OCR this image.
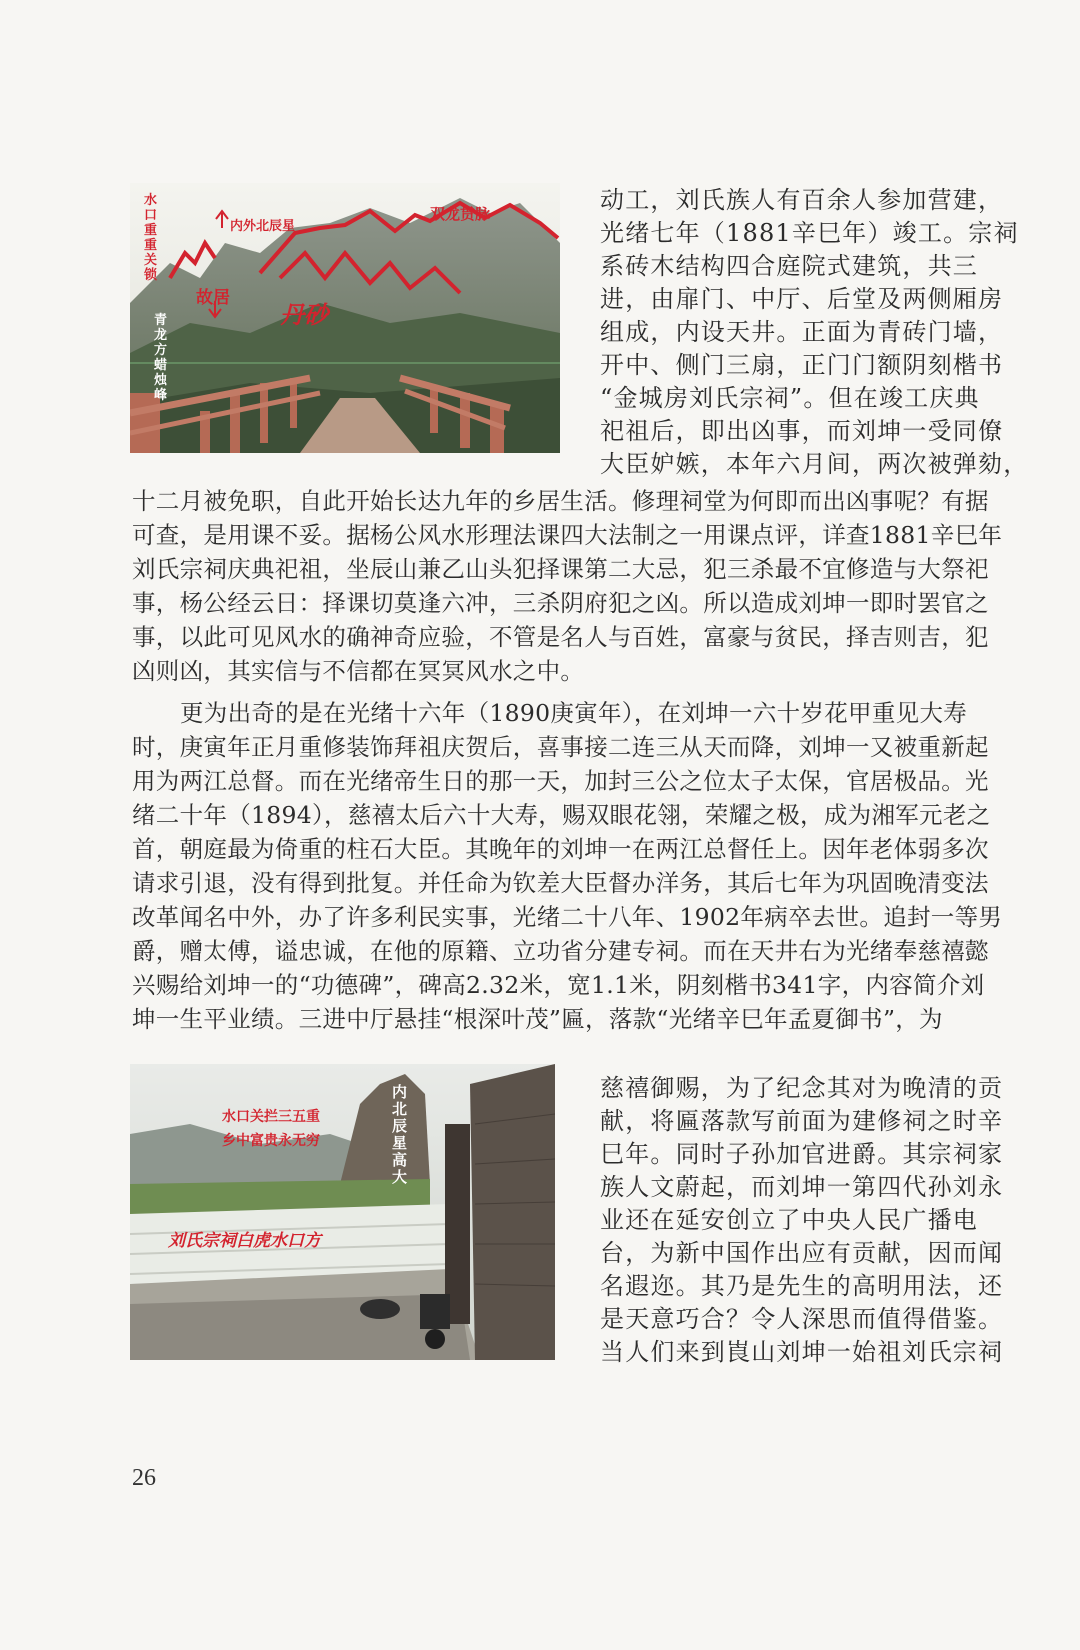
水口重重关锁
内外北辰星
双龙贯脉
故居
丹砂
青龙方蜡烛峰

动工，刘氏族人有百余人参加营建，

光绪七年（1881辛巳年）竣工。宗祠

系砖木结构四合庭院式建筑，共三

进，由扉门、中厅、后堂及两侧厢房

组成，内设天井。正面为青砖门墙，

开中、侧门三扇，正门门额阴刻楷书

“金城房刘氏宗祠”。但在竣工庆典

祀祖后，即出凶事，而刘坤一受同僚

大臣妒嫉，本年六月间，两次被弹劾，

十二月被免职，自此开始长达九年的乡居生活。修理祠堂为何即而出凶事呢？有据

可查，是用课不妥。据杨公风水形理法课四大法制之一用课点评，详查1881辛巳年

刘氏宗祠庆典祀祖，坐辰山兼乙山头犯择课第二大忌，犯三杀最不宜修造与大祭祀

事，杨公经云日：择课切莫逢六冲，三杀阴府犯之凶。所以造成刘坤一即时罢官之

事，以此可见风水的确神奇应验，不管是名人与百姓，富豪与贫民，择吉则吉，犯

凶则凶，其实信与不信都在冥冥风水之中。

更为出奇的是在光绪十六年（1890庚寅年），在刘坤一六十岁花甲重见大寿

时，庚寅年正月重修装饰拜祖庆贺后，喜事接二连三从天而降，刘坤一又被重新起

用为两江总督。而在光绪帝生日的那一天，加封三公之位太子太保，官居极品。光

绪二十年（1894），慈禧太后六十大寿，赐双眼花翎，荣耀之极，成为湘军元老之

首，朝庭最为倚重的柱石大臣。其晚年的刘坤一在两江总督任上。因年老体弱多次

请求引退，没有得到批复。并任命为钦差大臣督办洋务，其后七年为巩固晚清变法

改革闻名中外，办了许多利民实事，光绪二十八年、1902年病卒去世。追封一等男

爵，赠太傅，谥忠诚，在他的原籍、立功省分建专祠。而在天井右为光绪奉慈禧懿

兴赐给刘坤一的“功德碑”，碑高2.32米，宽1.1米，阴刻楷书341字，内容简介刘

坤一生平业绩。三进中厅悬挂“根深叶茂”匾，落款“光绪辛巳年孟夏御书”，为

水口关拦三五重
乡中富贵永无穷
内北辰星高大
刘氏宗祠白虎水口方

慈禧御赐，为了纪念其对为晚清的贡

献，将匾落款写前面为建修祠之时辛

巳年。同时子孙加官进爵。其宗祠家

族人文蔚起，而刘坤一第四代孙刘永

业还在延安创立了中央人民广播电

台，为新中国作出应有贡献，因而闻

名遐迩。其乃是先生的高明用法，还

是天意巧合？令人深思而值得借鉴。

当人们来到崀山刘坤一始祖刘氏宗祠

26
